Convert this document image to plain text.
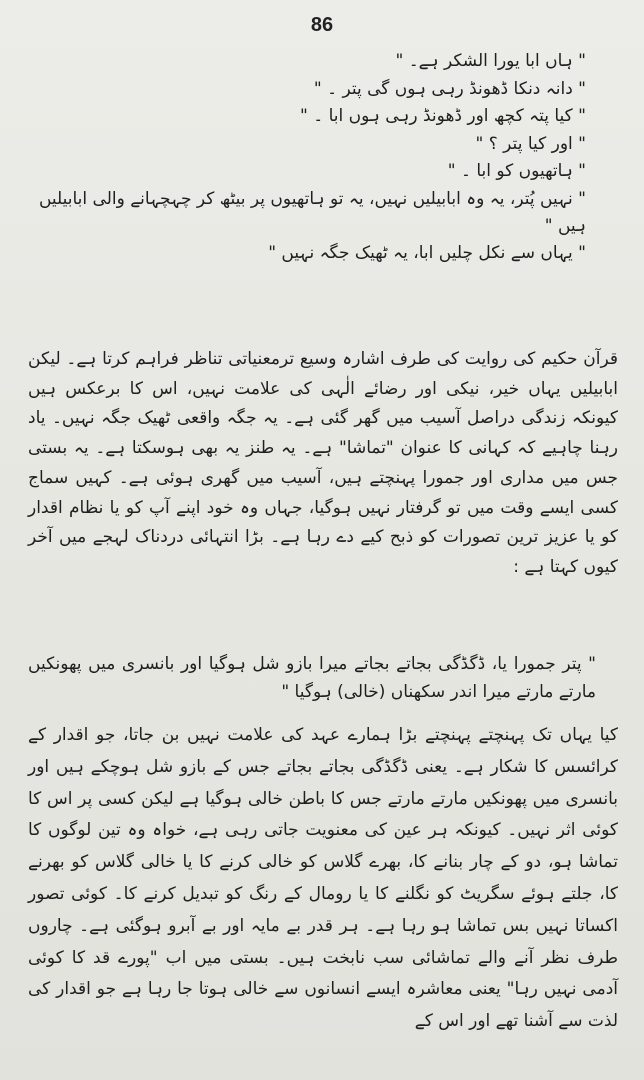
86
" ہاں ابا یورا الشکر ہے۔ "
" دانہ دنکا ڈھونڈ رہی ہوں گی پتر ۔ "
" کیا پتہ کچھ اور ڈھونڈ رہی ہوں ابا ۔ "
" اور کیا پتر ؟ "
" ہاتھیوں کو ابا ۔ "
" نہیں پُتر، یہ وہ ابابیلیں نہیں، یہ تو ہاتھیوں پر بیٹھ کر چہچہانے والی ابابیلیں ہیں "
" یہاں سے نکل چلیں ابا، یہ ٹھیک جگہ نہیں "
قرآن حکیم کی روایت کی طرف اشارہ وسیع ترمعنیاتی تناظر فراہم کرتا ہے۔ لیکن ابابیلیں یہاں خیر، نیکی اور رضائے الٰہی کی علامت نہیں، اس کا برعکس ہیں کیونکہ زندگی دراصل آسیب میں گھر گئی ہے۔ یہ جگہ واقعی ٹھیک جگہ نہیں۔ یاد رہنا چاہیے کہ کہانی کا عنوان "تماشا" ہے۔ یہ طنز یہ بھی ہوسکتا ہے۔ یہ بستی جس میں مداری اور جمورا پہنچتے ہیں، آسیب میں گھری ہوئی ہے۔ کہیں سماج کسی ایسے وقت میں تو گرفتار نہیں ہوگیا، جہاں وہ خود اپنے آپ کو یا نظام اقدار کو یا عزیز ترین تصورات کو ذبح کیے دے رہا ہے۔ بڑا انتہائی دردناک لہجے میں آخر کیوں کہتا ہے :
" پتر جمورا یا، ڈگڈگی بجاتے بجاتے میرا بازو شل ہوگیا اور بانسری میں پھونکیں مارتے مارتے میرا اندر سکھناں (خالی) ہوگیا "
کیا یہاں تک پہنچتے پہنچتے بڑا ہمارے عہد کی علامت نہیں بن جاتا، جو اقدار کے کرائسس کا شکار ہے۔ یعنی ڈگڈگی بجاتے بجاتے جس کے بازو شل ہوچکے ہیں اور بانسری میں پھونکیں مارتے مارتے جس کا باطن خالی ہوگیا ہے لیکن کسی پر اس کا کوئی اثر نہیں۔ کیونکہ ہر عین کی معنویت جاتی رہی ہے، خواہ وہ تین لوگوں کا تماشا ہو، دو کے چار بنانے کا، بھرے گلاس کو خالی کرنے کا یا خالی گلاس کو بھرنے کا، جلتے ہوئے سگریٹ کو نگلنے کا یا رومال کے رنگ کو تبدیل کرنے کا۔ کوئی تصور اکساتا نہیں بس تماشا ہو رہا ہے۔ ہر قدر بے مایہ اور بے آبرو ہوگئی ہے۔ چاروں طرف نظر آنے والے تماشائی سب نابخت ہیں۔ بستی میں اب "پورے قد کا کوئی آدمی نہیں رہا" یعنی معاشرہ ایسے انسانوں سے خالی ہوتا جا رہا ہے جو اقدار کی لذت سے آشنا تھے اور اس کے
